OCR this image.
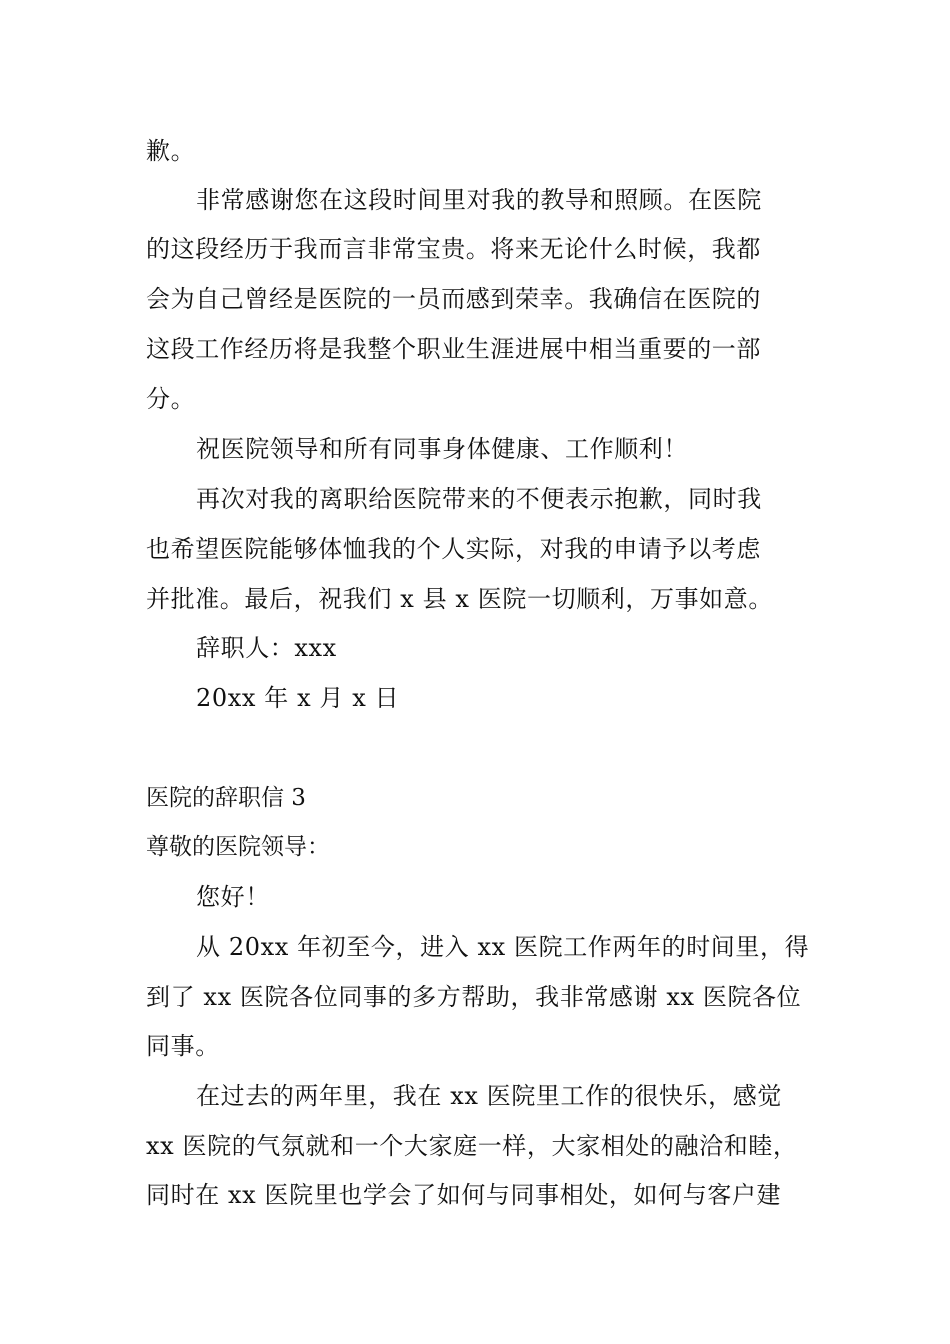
歉。
非常感谢您在这段时间里对我的教导和照顾。在医院
的这段经历于我而言非常宝贵。将来无论什么时候，我都
会为自己曾经是医院的一员而感到荣幸。我确信在医院的
这段工作经历将是我整个职业生涯进展中相当重要的一部
分。
祝医院领导和所有同事身体健康、工作顺利！
再次对我的离职给医院带来的不便表示抱歉，同时我
也希望医院能够体恤我的个人实际，对我的申请予以考虑
并批准。最后，祝我们 x 县 x 医院一切顺利，万事如意。
辞职人：xxx
20xx 年 x 月 x 日
医院的辞职信 3
尊敬的医院领导：
您好！
从 20xx 年初至今，进入 xx 医院工作两年的时间里，得
到了 xx 医院各位同事的多方帮助，我非常感谢 xx 医院各位
同事。
在过去的两年里，我在 xx 医院里工作的很快乐，感觉
xx 医院的气氛就和一个大家庭一样，大家相处的融洽和睦，
同时在 xx 医院里也学会了如何与同事相处，如何与客户建
